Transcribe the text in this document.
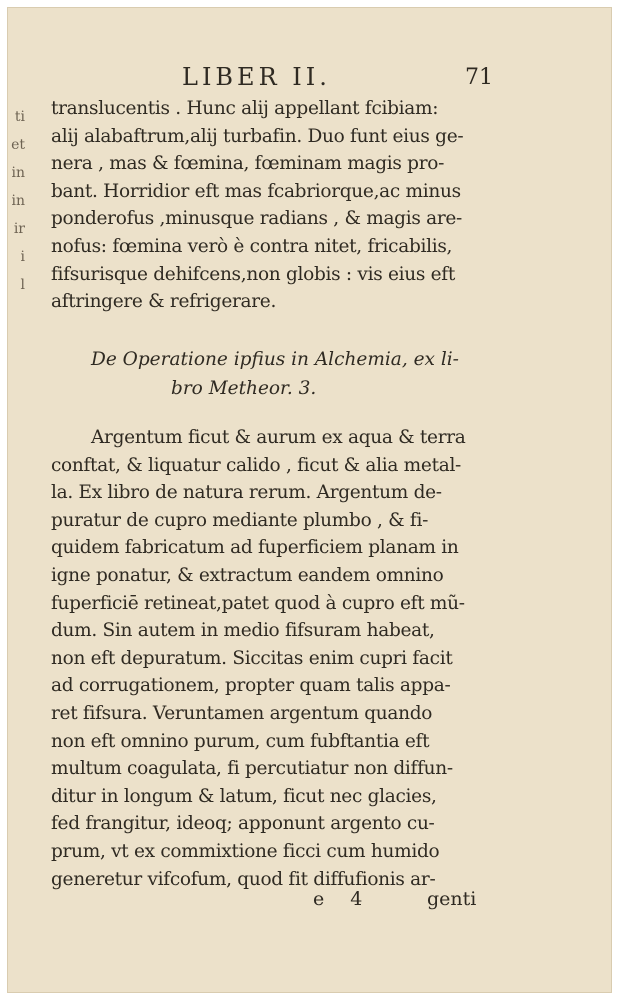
LIBER II.	71
ti
et
in
in
ir
i
l
translucentis . Hunc alij appellant fcibiam:
alij alabaftrum,alij turbafin. Duo funt eius ge-
nera , mas & fœmina, fœminam magis pro-
bant. Horridior eft mas fcabriorque,ac minus
ponderofus ,minusque radians , & magis are-
nofus: fœmina verò è contra nitet, fricabilis,
fifsurisque dehifcens,non globis : vis eius eft
aftringere & refrigerare.
De Operatione ipfius in Alchemia, ex li-
bro Metheor. 3.
Argentum ficut & aurum ex aqua & terra
conftat, & liquatur calido , ficut & alia metal-
la. Ex libro de natura rerum. Argentum de-
puratur de cupro mediante plumbo , & fi-
quidem fabricatum ad fuperficiem planam in
igne ponatur, & extractum eandem omnino
fuperficiē retineat,patet quod à cupro eft mũ-
dum. Sin autem in medio fifsuram habeat,
non eft depuratum. Siccitas enim cupri facit
ad corrugationem, propter quam talis appa-
ret fifsura. Veruntamen argentum quando
non eft omnino purum, cum fubftantia eft
multum coagulata, fi percutiatur non diffun-
ditur in longum & latum, ficut nec glacies,
fed frangitur, ideoq; apponunt argento cu-
prum, vt ex commixtione ficci cum humido
generetur vifcofum, quod fit diffufionis ar-
e 4	genti
